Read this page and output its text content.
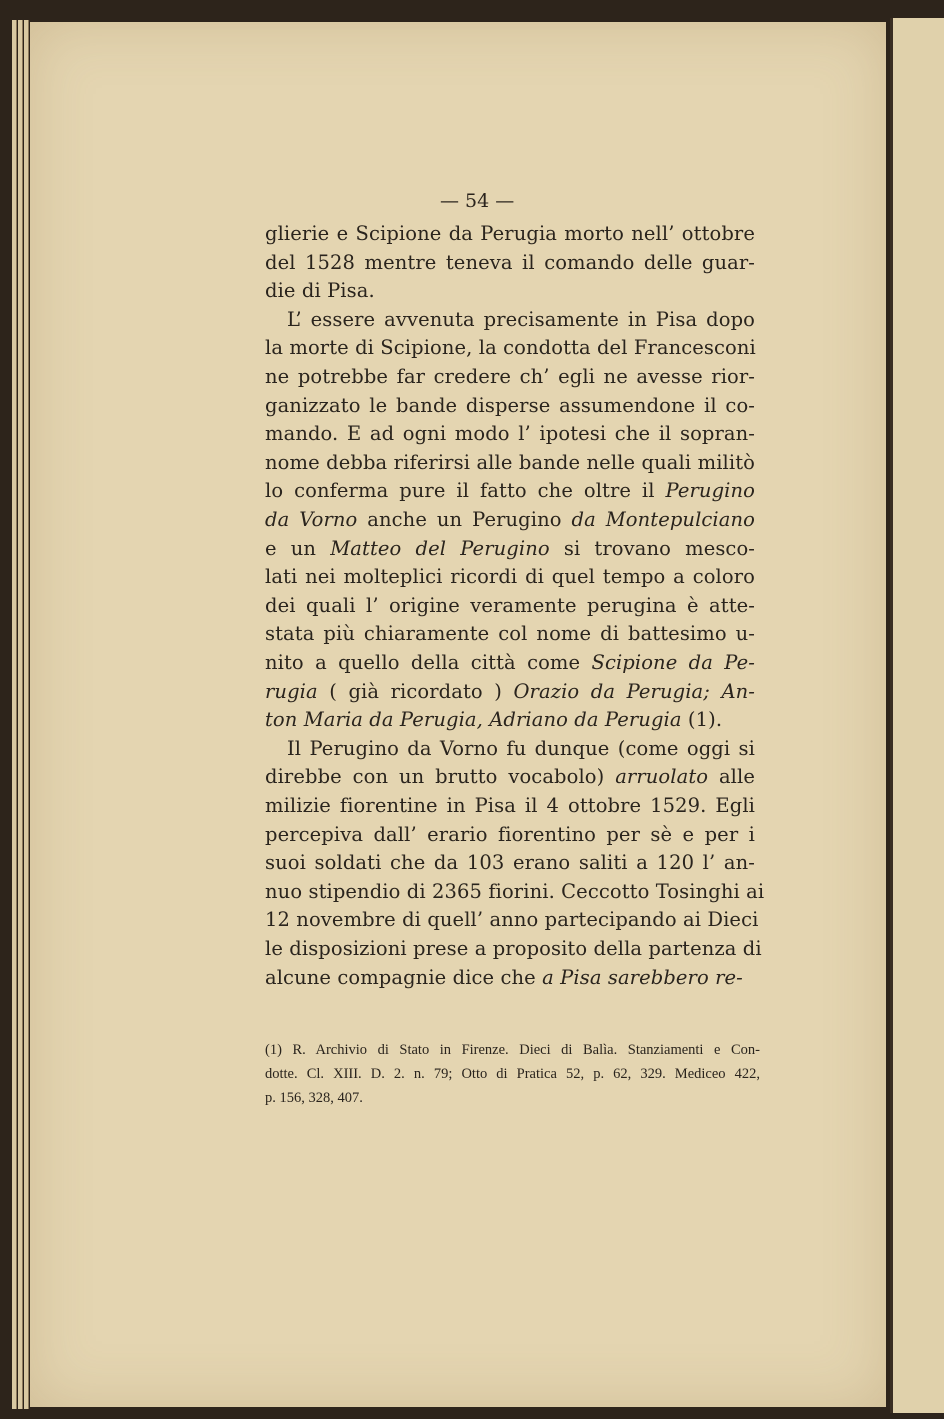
— 54 —
glierie e Scipione da Perugia morto nell’ ottobre
del 1528 mentre teneva il comando delle guar-
die di Pisa.
L’ essere avvenuta precisamente in Pisa dopo
la morte di Scipione, la condotta del Francesconi
ne potrebbe far credere ch’ egli ne avesse rior-
ganizzato le bande disperse assumendone il co-
mando. E ad ogni modo l’ ipotesi che il sopran-
nome debba riferirsi alle bande nelle quali militò
lo conferma pure il fatto che oltre il Perugino
da Vorno anche un Perugino da Montepulciano
e un Matteo del Perugino si trovano mesco-
lati nei molteplici ricordi di quel tempo a coloro
dei quali l’ origine veramente perugina è atte-
stata più chiaramente col nome di battesimo u-
nito a quello della città come Scipione da Pe-
rugia ( già ricordato ) Orazio da Perugia; An-
ton Maria da Perugia, Adriano da Perugia (1).
Il Perugino da Vorno fu dunque (come oggi si
direbbe con un brutto vocabolo) arruolato alle
milizie fiorentine in Pisa il 4 ottobre 1529. Egli
percepiva dall’ erario fiorentino per sè e per i
suoi soldati che da 103 erano saliti a 120 l’ an-
nuo stipendio di 2365 fiorini. Ceccotto Tosinghi ai
12 novembre di quell’ anno partecipando ai Dieci
le disposizioni prese a proposito della partenza di
alcune compagnie dice che a Pisa sarebbero re-
(1) R. Archivio di Stato in Firenze. Dieci di Balìa. Stanziamenti e Con-
dotte. Cl. XIII. D. 2. n. 79; Otto di Pratica 52, p. 62, 329. Mediceo 422,
p. 156, 328, 407.
